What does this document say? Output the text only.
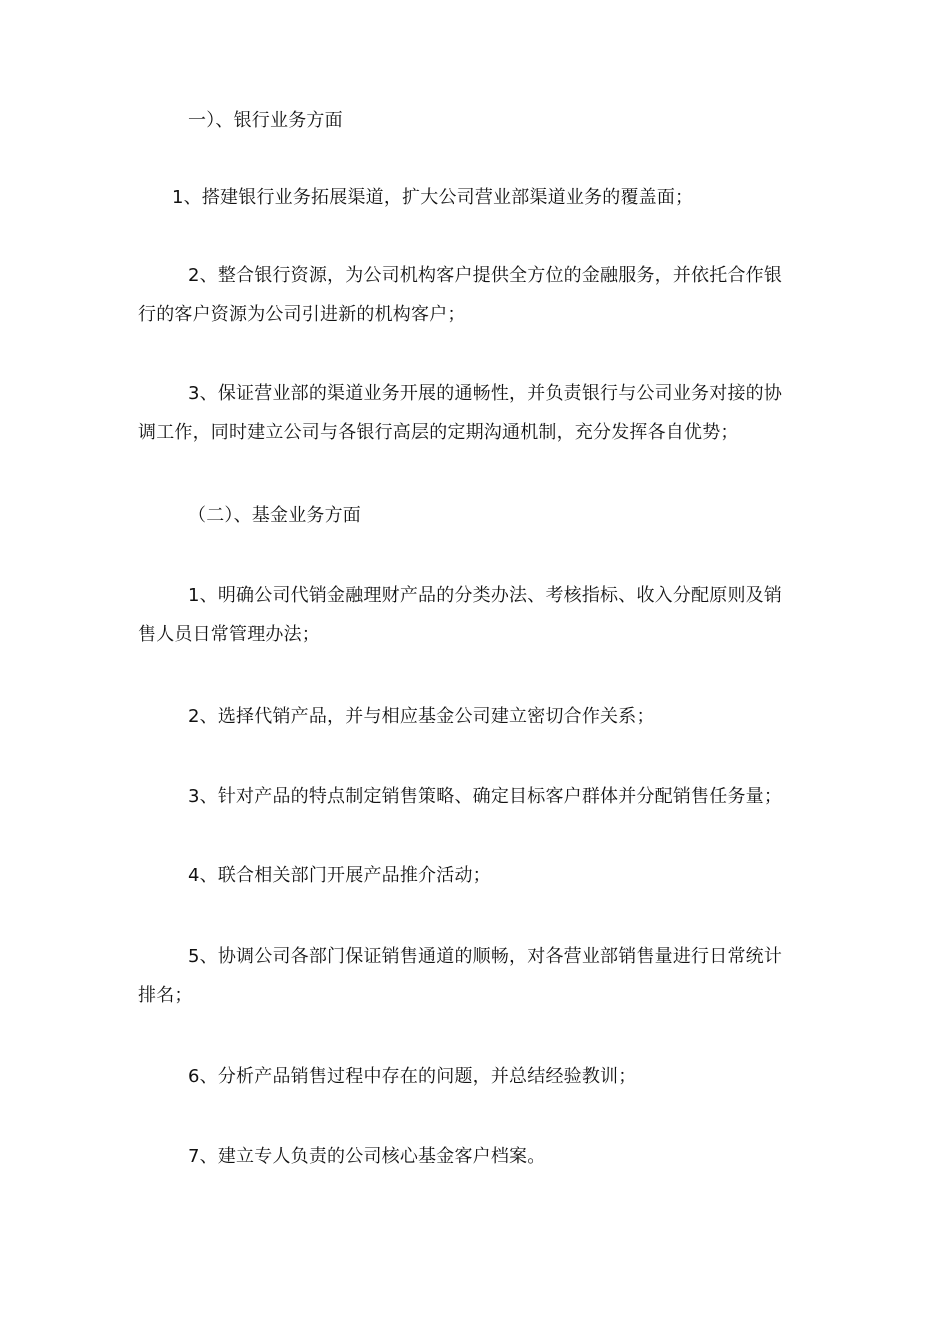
一）、银行业务方面
1、搭建银行业务拓展渠道，扩大公司营业部渠道业务的覆盖面；
2、整合银行资源，为公司机构客户提供全方位的金融服务，并依托合作银
行的客户资源为公司引进新的机构客户；
3、保证营业部的渠道业务开展的通畅性，并负责银行与公司业务对接的协
调工作，同时建立公司与各银行高层的定期沟通机制，充分发挥各自优势；
（二）、基金业务方面
1、明确公司代销金融理财产品的分类办法、考核指标、收入分配原则及销
售人员日常管理办法；
2、选择代销产品，并与相应基金公司建立密切合作关系；
3、针对产品的特点制定销售策略、确定目标客户群体并分配销售任务量；
4、联合相关部门开展产品推介活动；
5、协调公司各部门保证销售通道的顺畅，对各营业部销售量进行日常统计
排名；
6、分析产品销售过程中存在的问题，并总结经验教训；
7、建立专人负责的公司核心基金客户档案。
